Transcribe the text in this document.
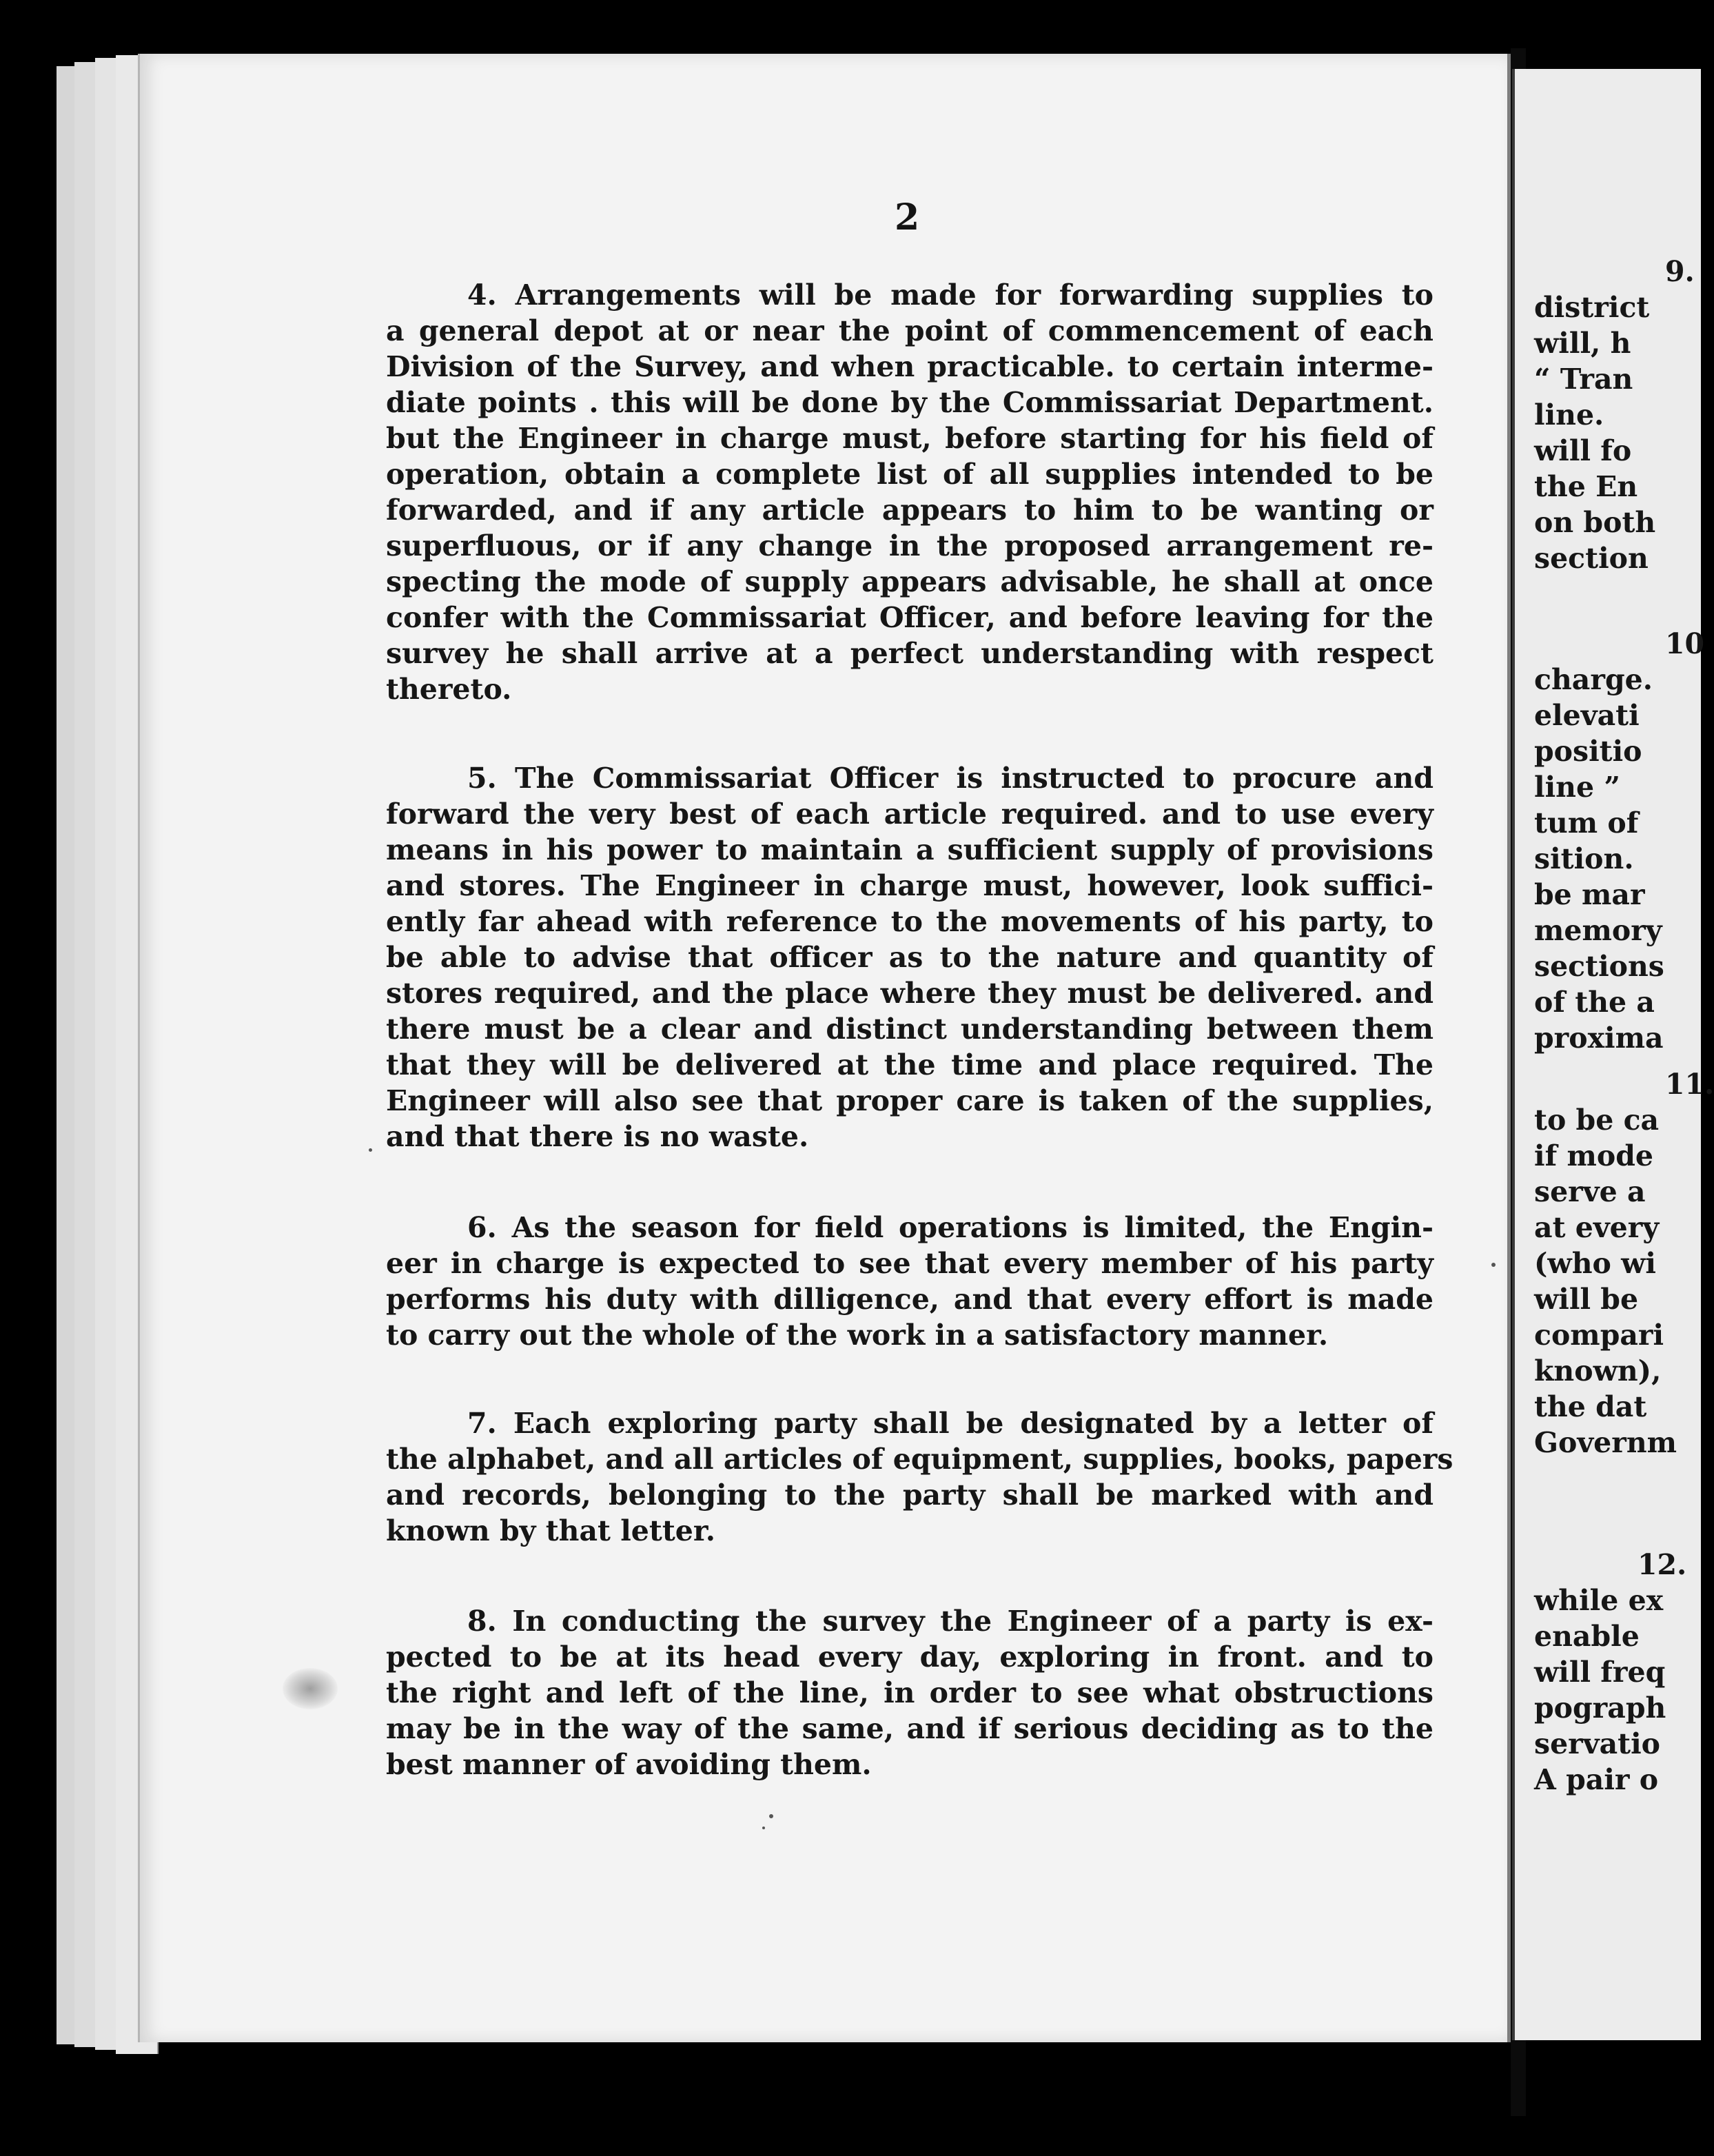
2

4. Arrangements will be made for forwarding supplies to
a general depot at or near the point of commencement of each
Division of the Survey, and when practicable. to certain interme-
diate points . this will be done by the Commissariat Department.
but the Engineer in charge must, before starting for his field of
operation, obtain a complete list of all supplies intended to be
forwarded, and if any article appears to him to be wanting or
superfluous, or if any change in the proposed arrangement re-
specting the mode of supply appears advisable, he shall at once
confer with the Commissariat Officer, and before leaving for the
survey he shall arrive at a perfect understanding with respect
thereto.

5. The Commissariat Officer is instructed to procure and
forward the very best of each article required. and to use every
means in his power to maintain a sufficient supply of provisions
and stores. The Engineer in charge must, however, look suffici-
ently far ahead with reference to the movements of his party, to
be able to advise that officer as to the nature and quantity of
stores required, and the place where they must be delivered. and
there must be a clear and distinct understanding between them
that they will be delivered at the time and place required. The
Engineer will also see that proper care is taken of the supplies,
and that there is no waste.

6. As the season for field operations is limited, the Engin-
eer in charge is expected to see that every member of his party
performs his duty with dilligence, and that every effort is made
to carry out the whole of the work in a satisfactory manner.

7. Each exploring party shall be designated by a letter of
the alphabet, and all articles of equipment, supplies, books, papers
and records, belonging to the party shall be marked with and
known by that letter.

8. In conducting the survey the Engineer of a party is ex-
pected to be at its head every day, exploring in front. and to
the right and left of the line, in order to see what obstructions
may be in the way of the same, and if serious deciding as to the
best manner of avoiding them.

9.
district
will, h
“ Tran
line.
will fo
the En
on both
section
10
charge.
elevati
positio
line ”
tum of
sition.
be mar
memory
sections
of the a
proxima
11.
to be ca
if mode
serve a
at every
(who wi
will be
compari
known),
the dat
Governm
12.
while ex
enable
will freq
pograph
servatio
A pair o
